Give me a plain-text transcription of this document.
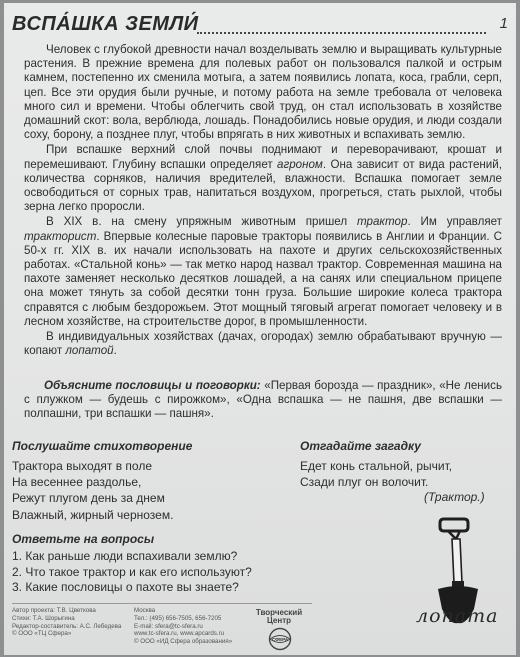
ВСПА́ШКА ЗЕМЛИ́	1

Человек с глубокой древности начал возделывать землю и выращивать культурные растения. В прежние времена для полевых работ он пользовался палкой и острым камнем, постепенно их сменила мотыга, а затем появились лопата, коса, грабли, серп, цеп. Все эти орудия были ручные, и потому работа на земле требовала от человека много сил и времени. Чтобы облегчить свой труд, он стал использовать в хозяйстве домашний скот: вола, верблюда, лошадь. Понадобились новые орудия, и люди создали соху, борону, а позднее плуг, чтобы впрягать в них животных и вспахивать землю.

При вспашке верхний слой почвы поднимают и переворачивают, крошат и перемешивают. Глубину вспашки определяет агроном. Она зависит от вида растений, количества сорняков, наличия вредителей, влажности. Вспашка помогает земле освободиться от сорных трав, напитаться воздухом, прогреться, стать рыхлой, чтобы зерна легко проросли.

В XIX в. на смену упряжным животным пришел трактор. Им управляет тракторист. Впервые колесные паровые тракторы появились в Англии и Франции. С 50-х гг. XIX в. их начали использовать на пахоте и других сельскохозяйственных работах. «Стальной конь» — так метко народ назвал трактор. Современная машина на пахоте заменяет несколько десятков лошадей, а на санях или специальном прицепе она может тянуть за собой десятки тонн груза. Большие широкие колеса трактора справятся с любым бездорожьем. Этот мощный тяговый агрегат помогает человеку и в лесном хозяйстве, на строительстве дорог, в промышленности.

В индивидуальных хозяйствах (дачах, огородах) землю обрабатывают вручную — копают лопатой.

Объясните пословицы и поговорки: «Первая борозда — праздник», «Не ленись с плужком — будешь с пирожком», «Одна вспашка — не пашня, две вспашки — полпашни, три вспашки — пашня».
Послушайте стихотворение
Трактора выходят в поле
На весеннее раздолье,
Режут плугом день за днем
Влажный, жирный чернозем.
Отгадайте загадку
Едет конь стальной, рычит,
Сзади плуг он волочит.
(Трактор.)
Ответьте на вопросы
1. Как раньше люди вспахивали землю?
2. Что такое трактор и как его используют?
3. Какие пословицы о пахоте вы знаете?
Автор проекта: Т.В. Цветкова
Стихи: Т.А. Шорыгина
Редактор-составитель: А.С. Лебедева
© ООО «ТЦ Сфера»
Москва
Тел.: (495) 656-7505, 656-7205
E-mail: sfera@tc-sfera.ru
www.tc-sfera.ru, www.apcards.ru
© ООО «ИД Сфера образования»
Творческий
Центр
СФЕРА
лопата
